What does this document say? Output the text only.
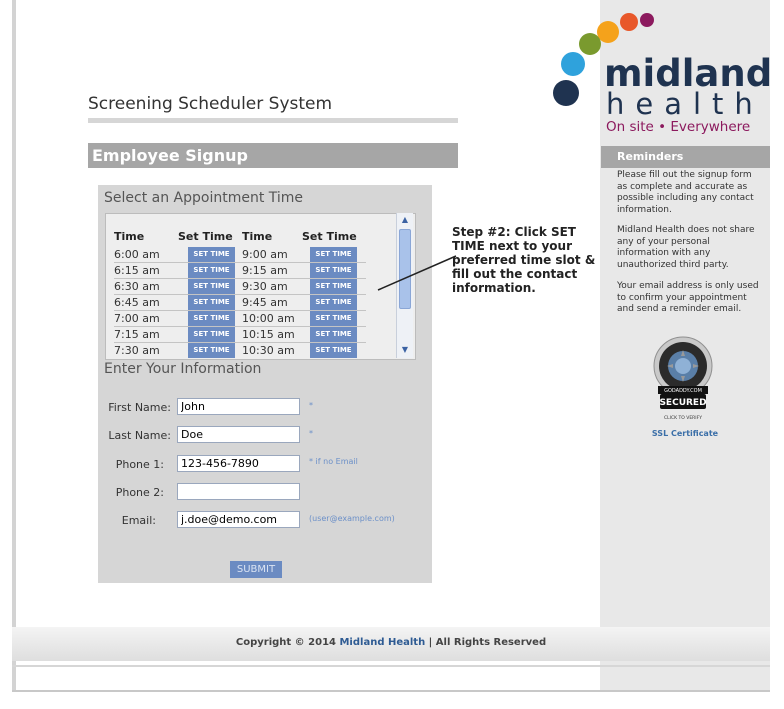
midland
health
On site • Everywhere
Screening Scheduler System
Employee Signup
Select an Appointment Time
Time	Set Time Time	Set Time
6:00 am	SET TIME	9:00 am	SET TIME
6:15 am	SET TIME	9:15 am	SET TIME
6:30 am	SET TIME	9:30 am	SET TIME
6:45 am	SET TIME	9:45 am	SET TIME
7:00 am	SET TIME	10:00 am	SET TIME
7:15 am	SET TIME	10:15 am	SET TIME
7:30 am	SET TIME	10:30 am	SET TIME
▲
▼
Enter Your Information
First Name:
John	*
Last Name:
Doe	*
Phone 1:
123-456-7890	* if no Email
Phone 2:
Email:
j.doe@demo.com	(user@example.com)
SUBMIT
Step #2: Click SET TIME next to your preferred time slot & fill out the contact information.
Reminders
Please fill out the signup form as complete and accurate as possible including any contact information.
Midland Health does not share any of your personal information with any unauthorized third party.
Your email address is only used to confirm your appointment and send a reminder email.
GODADDY.COM
SECURED
CLICK TO VERIFY
SSL Certificate
Copyright © 2014 Midland Health | All Rights Reserved
